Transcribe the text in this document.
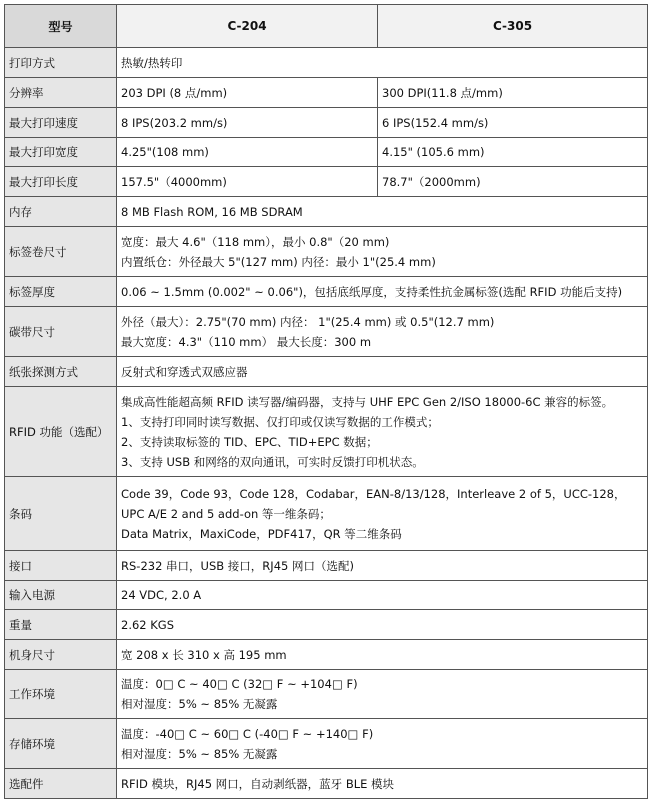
型号	C-204	C-305
打印方式	热敏/热转印	

分辨率	203 DPI (8 点/mm)	300 DPI(11.8 点/mm)
最大打印速度	8 IPS(203.2 mm/s)	6 IPS(152.4 mm/s)
最大打印宽度	4.25"(108 mm)	4.15" (105.6 mm)
最大打印长度	157.5"（4000mm)	78.7"（2000mm)
内存	8 MB Flash ROM, 16 MB SDRAM	

标签卷尺寸	宽度：最大 4.6"（118 mm），最小 0.8"（20 mm)
内置纸仓：外径最大 5"(127 mm) 内径：最小 1"(25.4 mm)	

标签厚度	0.06 ~ 1.5mm (0.002" ~ 0.06")，包括底纸厚度，支持柔性抗金属标签(选配 RFID 功能后支持)	

碳带尺寸	外径（最大）：2.75"(70 mm) 内径： 1"(25.4 mm) 或 0.5"(12.7 mm)
最大宽度：4.3"（110 mm） 最大长度：300 m	

纸张探测方式	反射式和穿透式双感应器	

RFID 功能（选配）	集成高性能超高频 RFID 读写器/编码器，支持与 UHF EPC Gen 2/ISO 18000-6C 兼容的标签。
1、支持打印同时读写数据、仅打印或仅读写数据的工作模式；
2、支持读取标签的 TID、EPC、TID+EPC 数据；
3、支持 USB 和网络的双向通讯，可实时反馈打印机状态。	

条码	Code 39，Code 93，Code 128，Codabar，EAN-8/13/128，Interleave 2 of 5，UCC-128，
UPC A/E 2 and 5 add-on 等一维条码；
Data Matrix，MaxiCode，PDF417，QR 等二维条码	

接口	RS-232 串口，USB 接口，RJ45 网口（选配)	

输入电源	24 VDC, 2.0 A	

重量	2.62 KGS	

机身尺寸	宽 208 x 长 310 x 高 195 mm	

工作环境	温度：0□ C ~ 40□ C (32□ F ~ +104□ F)
相对湿度：5% ~ 85% 无凝露	

存储环境	温度：-40□ C ~ 60□ C (-40□ F ~ +140□ F)
相对湿度：5% ~ 85% 无凝露	

选配件	RFID 模块，RJ45 网口，自动剥纸器，蓝牙 BLE 模块	
